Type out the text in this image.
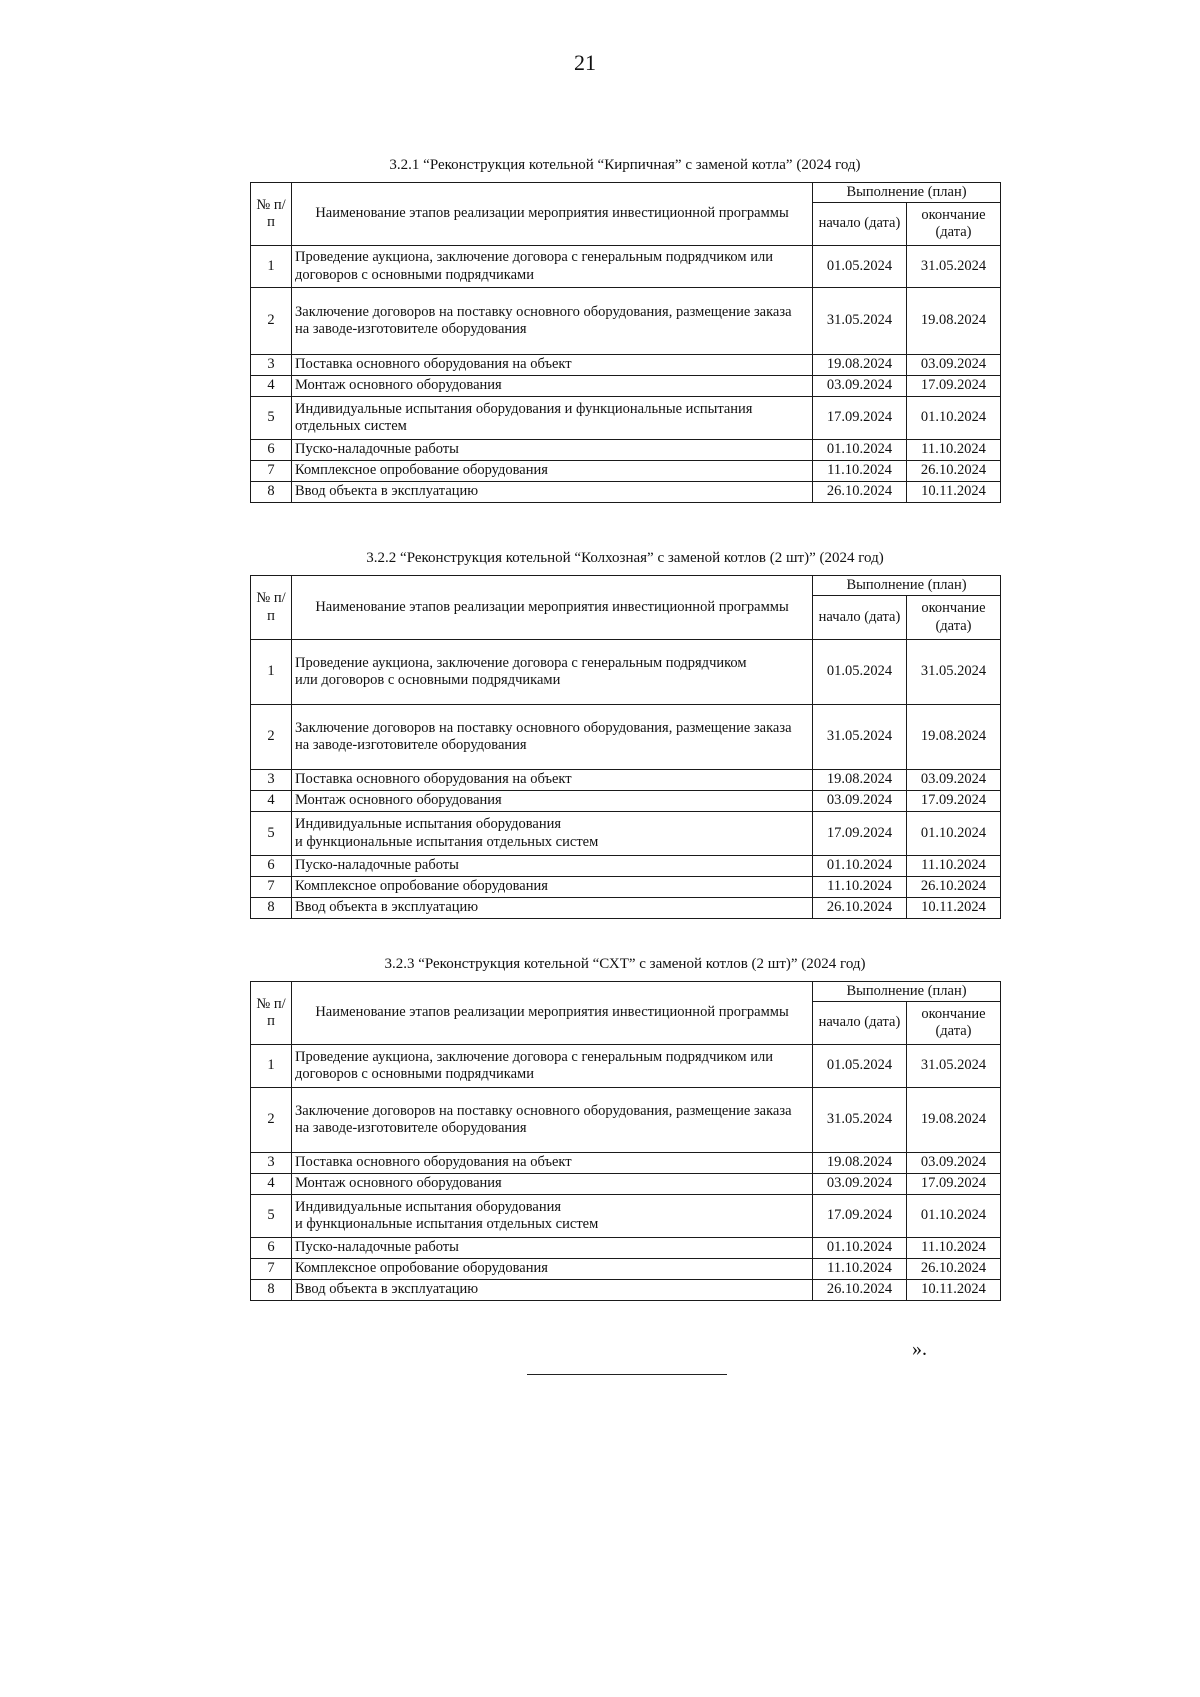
21
3.2.1 “Реконструкция котельной “Кирпичная” с заменой котла” (2024 год)
№ п/п	Наименование этапов реализации мероприятия инвестиционной программы	Выполнение (план)	
		начало (дата)	окончание (дата)
1	Проведение аукциона, заключение договора с генеральным подрядчиком или договоров с основными подрядчиками	01.05.2024	31.05.2024
2	Заключение договоров на поставку основного оборудования, размещение заказа на заводе-изготовителе оборудования	31.05.2024	19.08.2024
3	Поставка основного оборудования на объект	19.08.2024	03.09.2024
4	Монтаж основного оборудования	03.09.2024	17.09.2024
5	Индивидуальные испытания оборудования и функциональные испытания отдельных систем	17.09.2024	01.10.2024
6	Пуско-наладочные работы	01.10.2024	11.10.2024
7	Комплексное опробование оборудования	11.10.2024	26.10.2024
8	Ввод объекта в эксплуатацию	26.10.2024	10.11.2024
3.2.2 “Реконструкция котельной “Колхозная” с заменой котлов (2 шт)” (2024 год)
№ п/п	Наименование этапов реализации мероприятия инвестиционной программы	Выполнение (план)	
		начало (дата)	окончание (дата)
1	Проведение аукциона, заключение договора с генеральным подрядчиком
или договоров с основными подрядчиками	01.05.2024	31.05.2024
2	Заключение договоров на поставку основного оборудования, размещение заказа на заводе-изготовителе оборудования	31.05.2024	19.08.2024
3	Поставка основного оборудования на объект	19.08.2024	03.09.2024
4	Монтаж основного оборудования	03.09.2024	17.09.2024
5	Индивидуальные испытания оборудования
и функциональные испытания отдельных систем	17.09.2024	01.10.2024
6	Пуско-наладочные работы	01.10.2024	11.10.2024
7	Комплексное опробование оборудования	11.10.2024	26.10.2024
8	Ввод объекта в эксплуатацию	26.10.2024	10.11.2024
3.2.3 “Реконструкция котельной “СХТ” с заменой котлов (2 шт)” (2024 год)
№ п/п	Наименование этапов реализации мероприятия инвестиционной программы	Выполнение (план)	
		начало (дата)	окончание (дата)
1	Проведение аукциона, заключение договора с генеральным подрядчиком или договоров с основными подрядчиками	01.05.2024	31.05.2024
2	Заключение договоров на поставку основного оборудования, размещение заказа на заводе-изготовителе оборудования	31.05.2024	19.08.2024
3	Поставка основного оборудования на объект	19.08.2024	03.09.2024
4	Монтаж основного оборудования	03.09.2024	17.09.2024
5	Индивидуальные испытания оборудования
и функциональные испытания отдельных систем	17.09.2024	01.10.2024
6	Пуско-наладочные работы	01.10.2024	11.10.2024
7	Комплексное опробование оборудования	11.10.2024	26.10.2024
8	Ввод объекта в эксплуатацию	26.10.2024	10.11.2024
».
